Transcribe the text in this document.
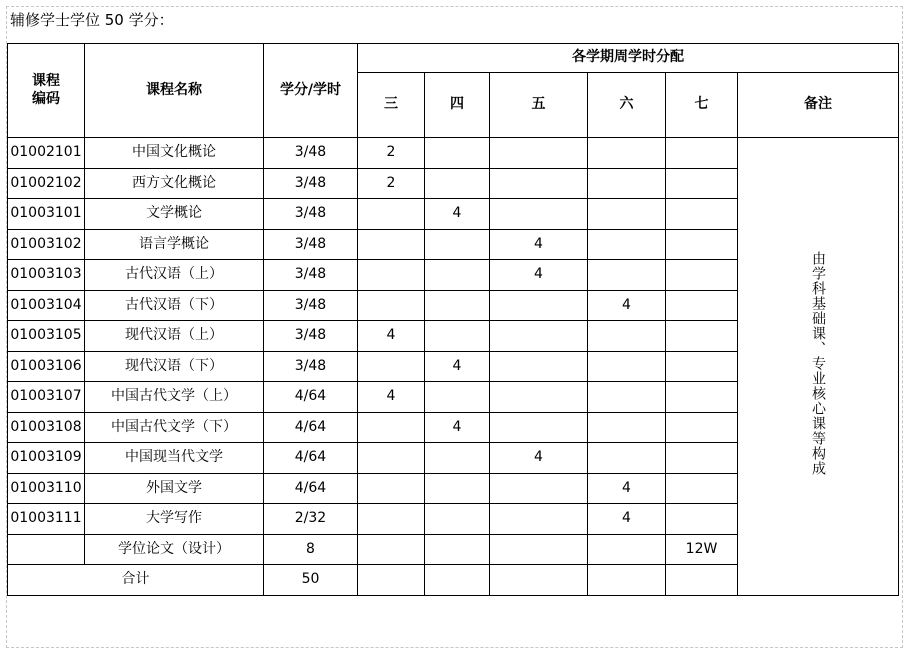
辅修学士学位 50 学分：
课程
编码	课程名称	学分/学时	各学期周学时分配					
			三	四	五	六	七	备注
01002101	中国文化概论	3/48	2					由学科基础课、专业核心课等构成
01002102	西方文化概论	3/48	2					
01003101	文学概论	3/48		4				
01003102	语言学概论	3/48			4			
01003103	古代汉语（上）	3/48			4			
01003104	古代汉语（下）	3/48				4		
01003105	现代汉语（上）	3/48	4					
01003106	现代汉语（下）	3/48		4				
01003107	中国古代文学（上）	4/64	4					
01003108	中国古代文学（下）	4/64		4				
01003109	中国现当代文学	4/64			4			
01003110	外国文学	4/64				4		
01003111	大学写作	2/32				4		
	学位论文（设计）	8					12W	
合计		50						
